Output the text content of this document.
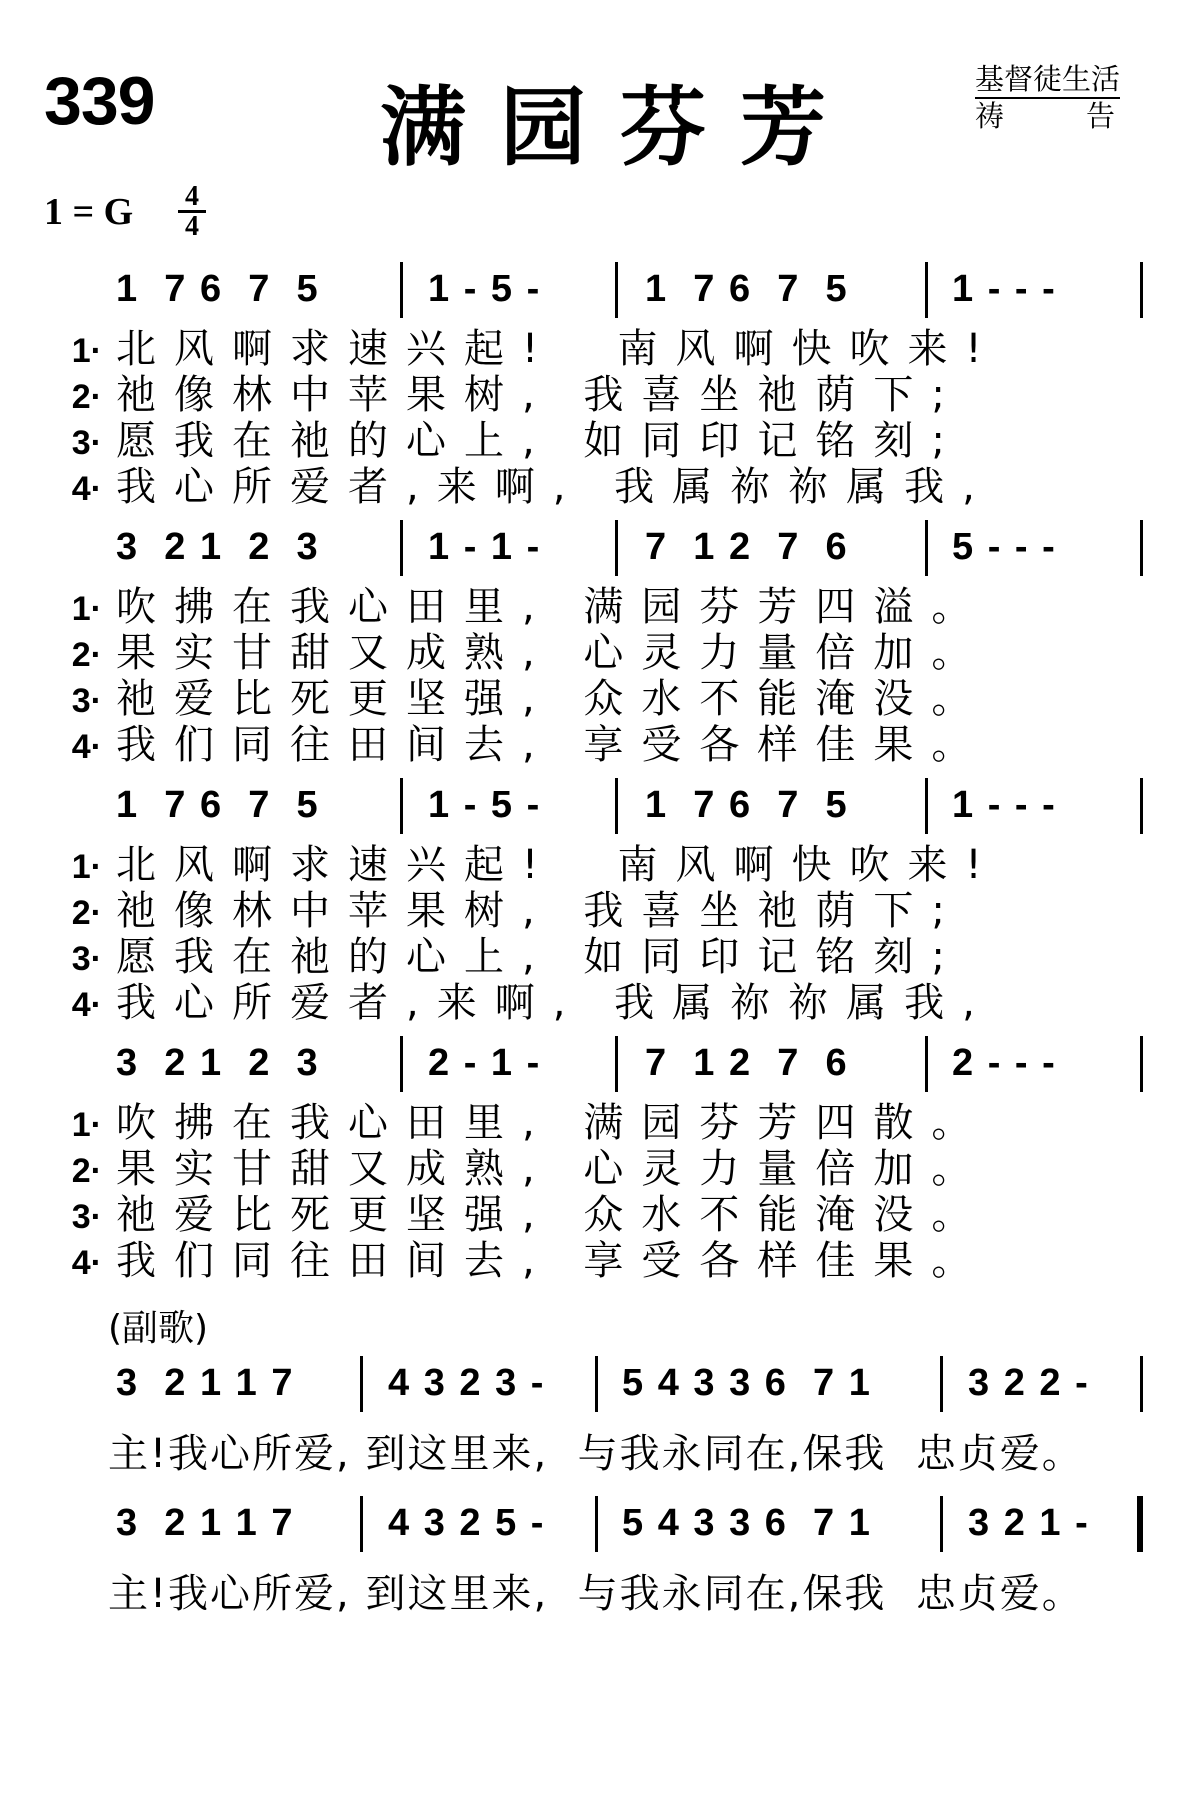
339	满园芬芳	基督徒生活
祷	告
1 = G $\frac{4}{4}$
1  7 6  7  5	1 - 5 -	1  7 6  7  5	1 - - -
1· 北风啊求速兴起!  南风啊快吹来!
2· 祂像林中苹果树, 我喜坐祂荫下;
3· 愿我在祂的心上, 如同印记铭刻;
4· 我心所爱者,来啊, 我属祢祢属我,
3  2 1  2  3	1 - 1 -	7  1 2  7  6	5 - - -
1· 吹拂在我心田里, 满园芬芳四溢。
2· 果实甘甜又成熟, 心灵力量倍加。
3· 祂爱比死更坚强, 众水不能淹没。
4· 我们同往田间去, 享受各样佳果。
1  7 6  7  5	1 - 5 -	1  7 6  7  5	1 - - -
1· 北风啊求速兴起!  南风啊快吹来!
2· 祂像林中苹果树, 我喜坐祂荫下;
3· 愿我在祂的心上, 如同印记铭刻;
4· 我心所爱者,来啊, 我属祢祢属我,
3  2 1  2  3	2 - 1 -	7  1 2  7  6	2 - - -
1· 吹拂在我心田里, 满园芬芳四散。
2· 果实甘甜又成熟, 心灵力量倍加。
3· 祂爱比死更坚强, 众水不能淹没。
4· 我们同往田间去, 享受各样佳果。
(副歌)
3  2 1 1 7 4 3 2 3 - 5 4 3 3 6  7 1	3 2 2 -
主!我心所爱, 到这里来,  与我永同在,保我  忠贞爱。
3  2 1 1 7 4 3 2 5 - 5 4 3 3 6  7 1	3 2 1 -
主!我心所爱, 到这里来,  与我永同在,保我  忠贞爱。
